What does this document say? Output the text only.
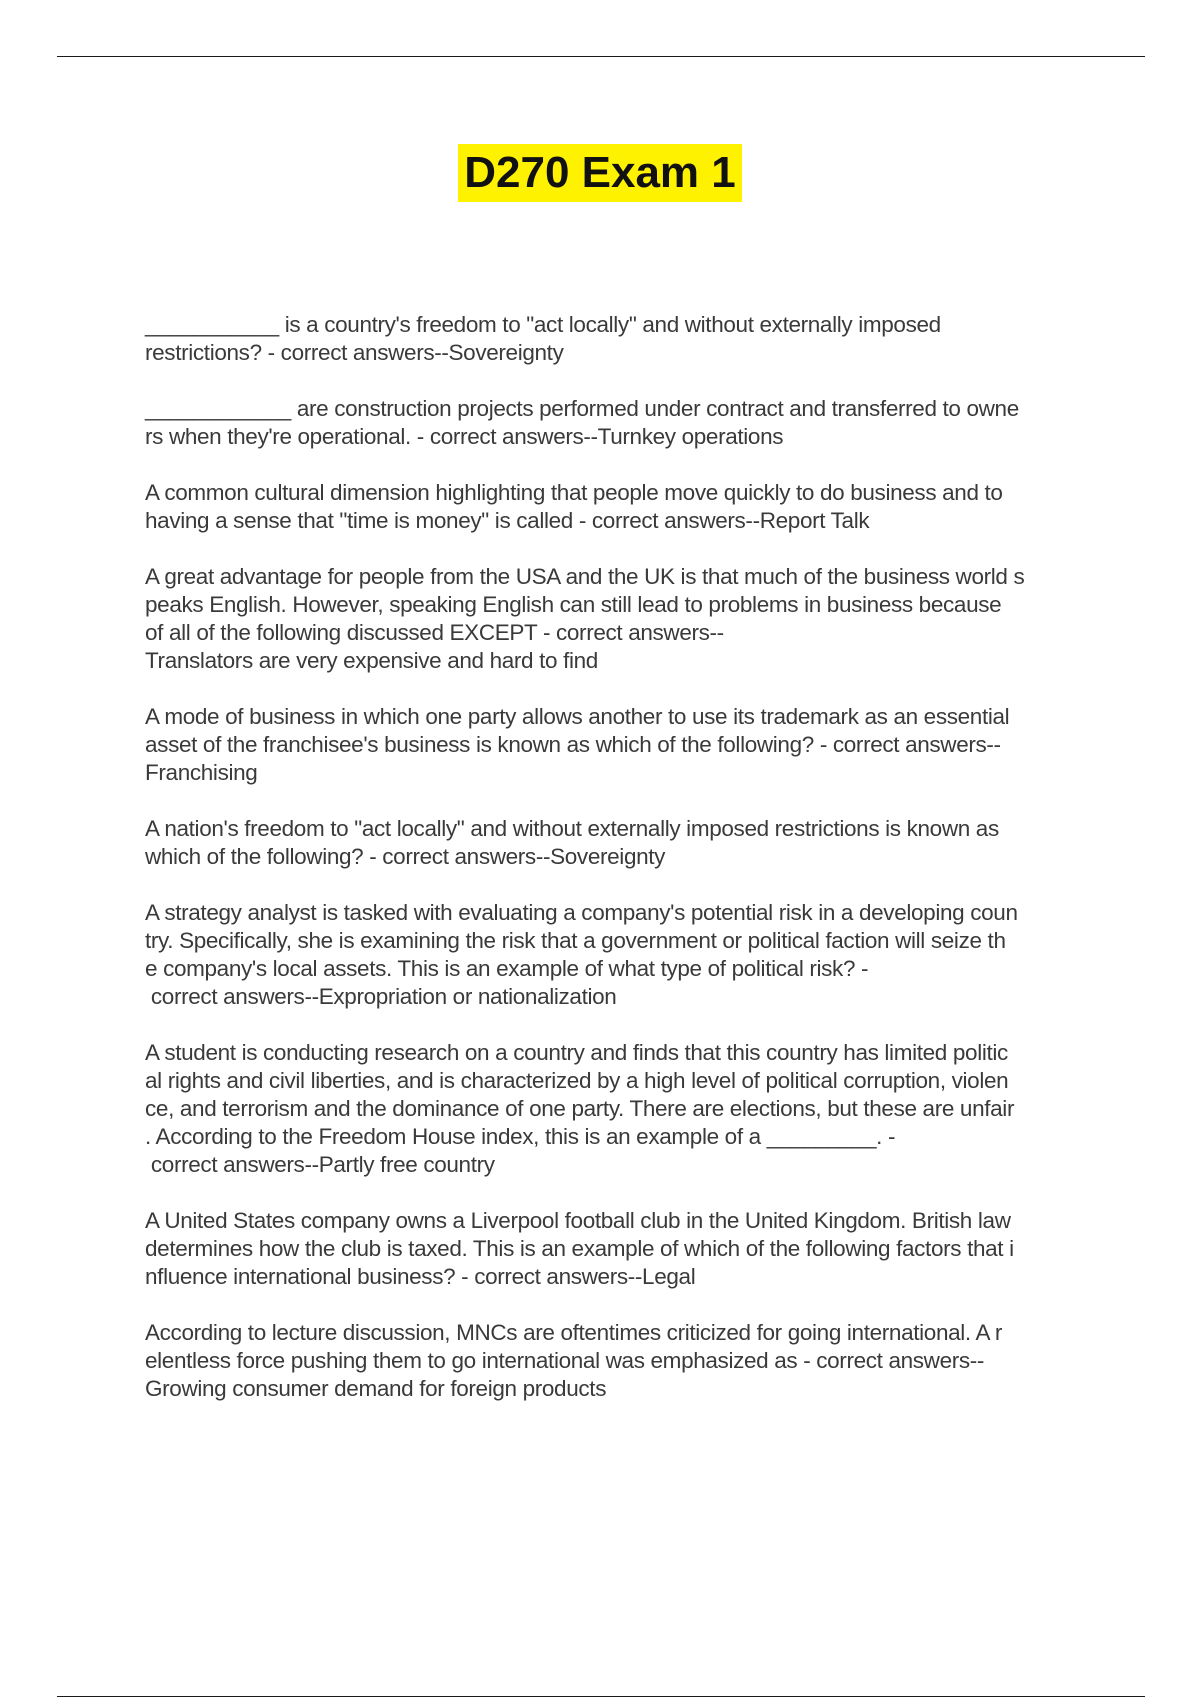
D270 Exam 1
___________ is a country's freedom to "act locally" and without externally imposed
restrictions? - correct answers--Sovereignty
____________ are construction projects performed under contract and transferred to owne
rs when they're operational. - correct answers--Turnkey operations
A common cultural dimension highlighting that people move quickly to do business and to
having a sense that "time is money" is called - correct answers--Report Talk
A great advantage for people from the USA and the UK is that much of the business world s
peaks English. However, speaking English can still lead to problems in business because
of all of the following discussed EXCEPT - correct answers--
Translators are very expensive and hard to find
A mode of business in which one party allows another to use its trademark as an essential
asset of the franchisee's business is known as which of the following? - correct answers--
Franchising
A nation's freedom to "act locally" and without externally imposed restrictions is known as
which of the following? - correct answers--Sovereignty
A strategy analyst is tasked with evaluating a company's potential risk in a developing coun
try. Specifically, she is examining the risk that a government or political faction will seize th
e company's local assets. This is an example of what type of political risk? -
correct answers--Expropriation or nationalization
A student is conducting research on a country and finds that this country has limited politic
al rights and civil liberties, and is characterized by a high level of political corruption, violen
ce, and terrorism and the dominance of one party. There are elections, but these are unfair
. According to the Freedom House index, this is an example of a _________. -
correct answers--Partly free country
A United States company owns a Liverpool football club in the United Kingdom. British law
determines how the club is taxed. This is an example of which of the following factors that i
nfluence international business? - correct answers--Legal
According to lecture discussion, MNCs are oftentimes criticized for going international. A r
elentless force pushing them to go international was emphasized as - correct answers--
Growing consumer demand for foreign products
